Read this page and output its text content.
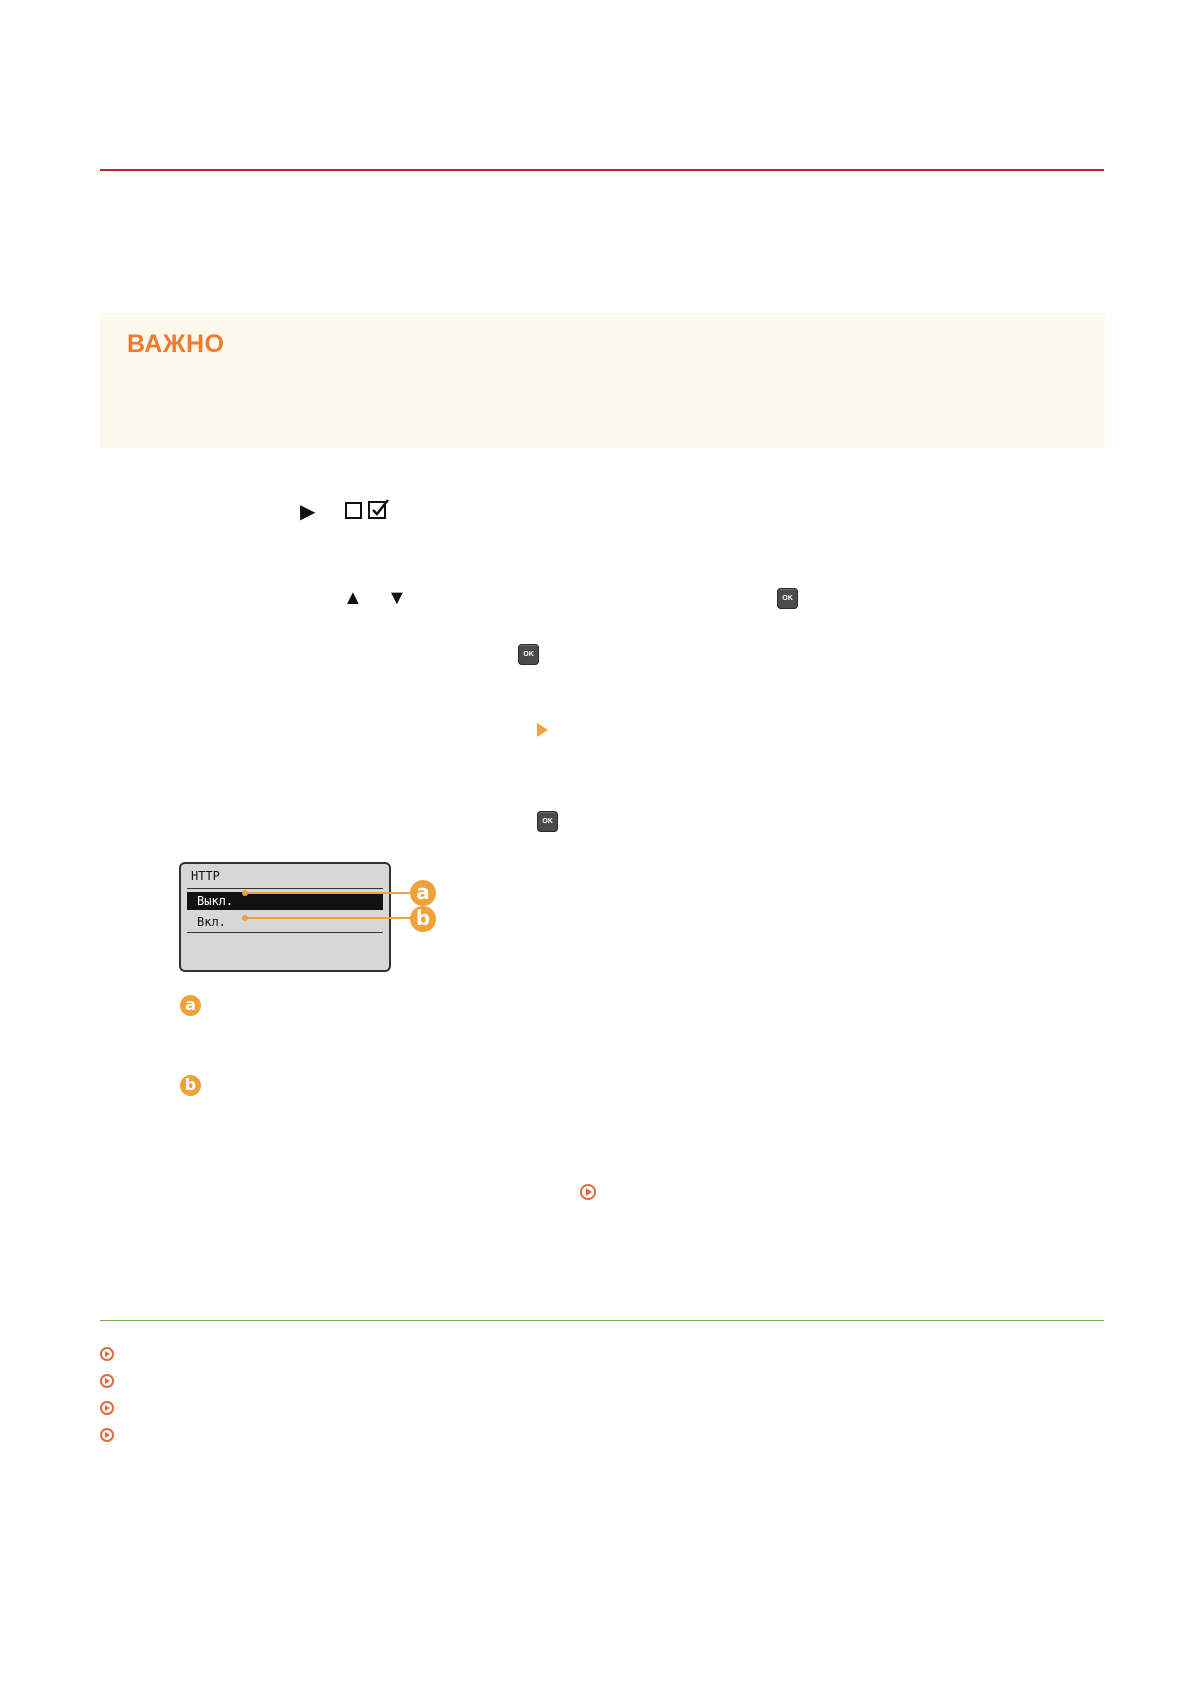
ВАЖНО
▶
▲ ▼	OK
OK
OK
HTTP
Выкл.
Вкл.
a
b
a
b
